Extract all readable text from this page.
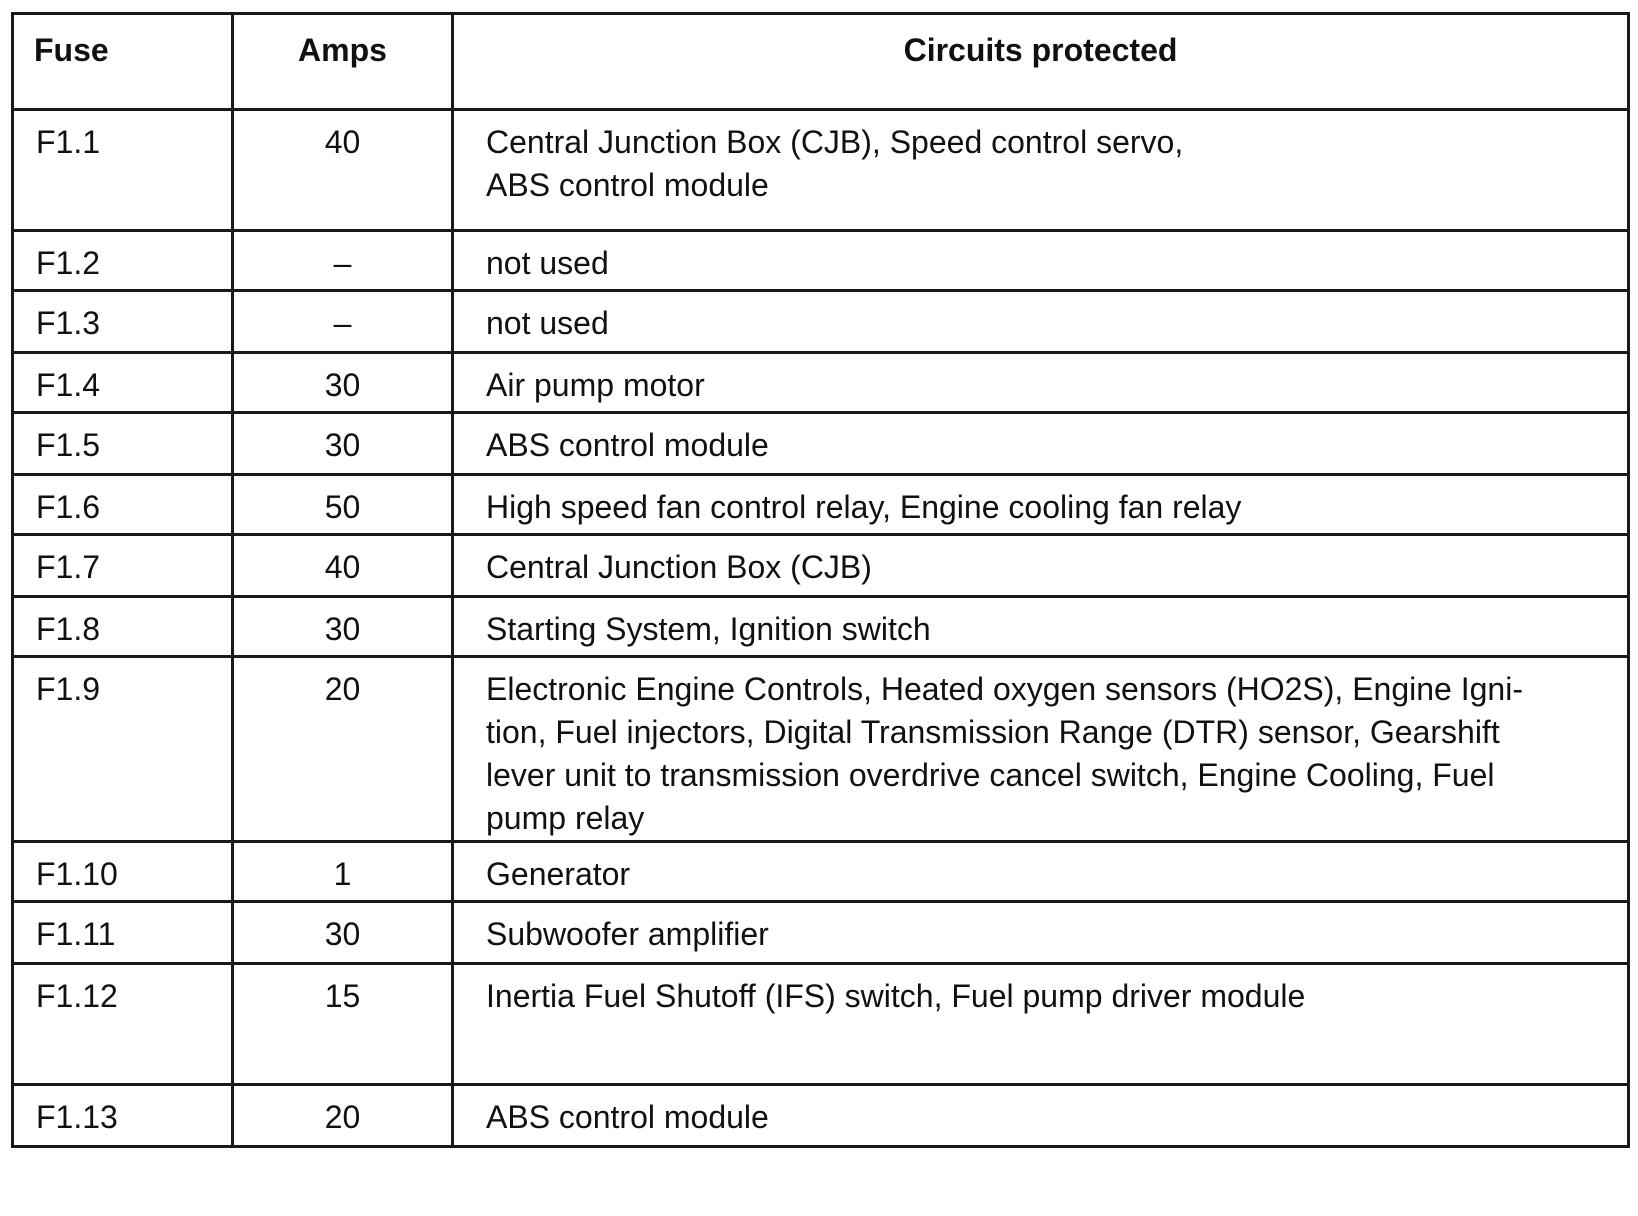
Fuse	Amps	Circuits protected
F1.1	40	Central Junction Box (CJB), Speed control servo,
ABS control module

F1.2	–	not used

F1.3	–	not used

F1.4	30	Air pump motor

F1.5	30	ABS control module

F1.6	50	High speed fan control relay, Engine cooling fan relay

F1.7	40	Central Junction Box (CJB)

F1.8	30	Starting System, Ignition switch

F1.9	20	Electronic Engine Controls, Heated oxygen sensors (HO2S), Engine Igni-
tion, Fuel injectors, Digital Transmission Range (DTR) sensor, Gearshift
lever unit to transmission overdrive cancel switch, Engine Cooling, Fuel
pump relay

F1.10	1	Generator

F1.11	30	Subwoofer amplifier

F1.12	15	Inertia Fuel Shutoff (IFS) switch, Fuel pump driver module

F1.13	20	ABS control module
